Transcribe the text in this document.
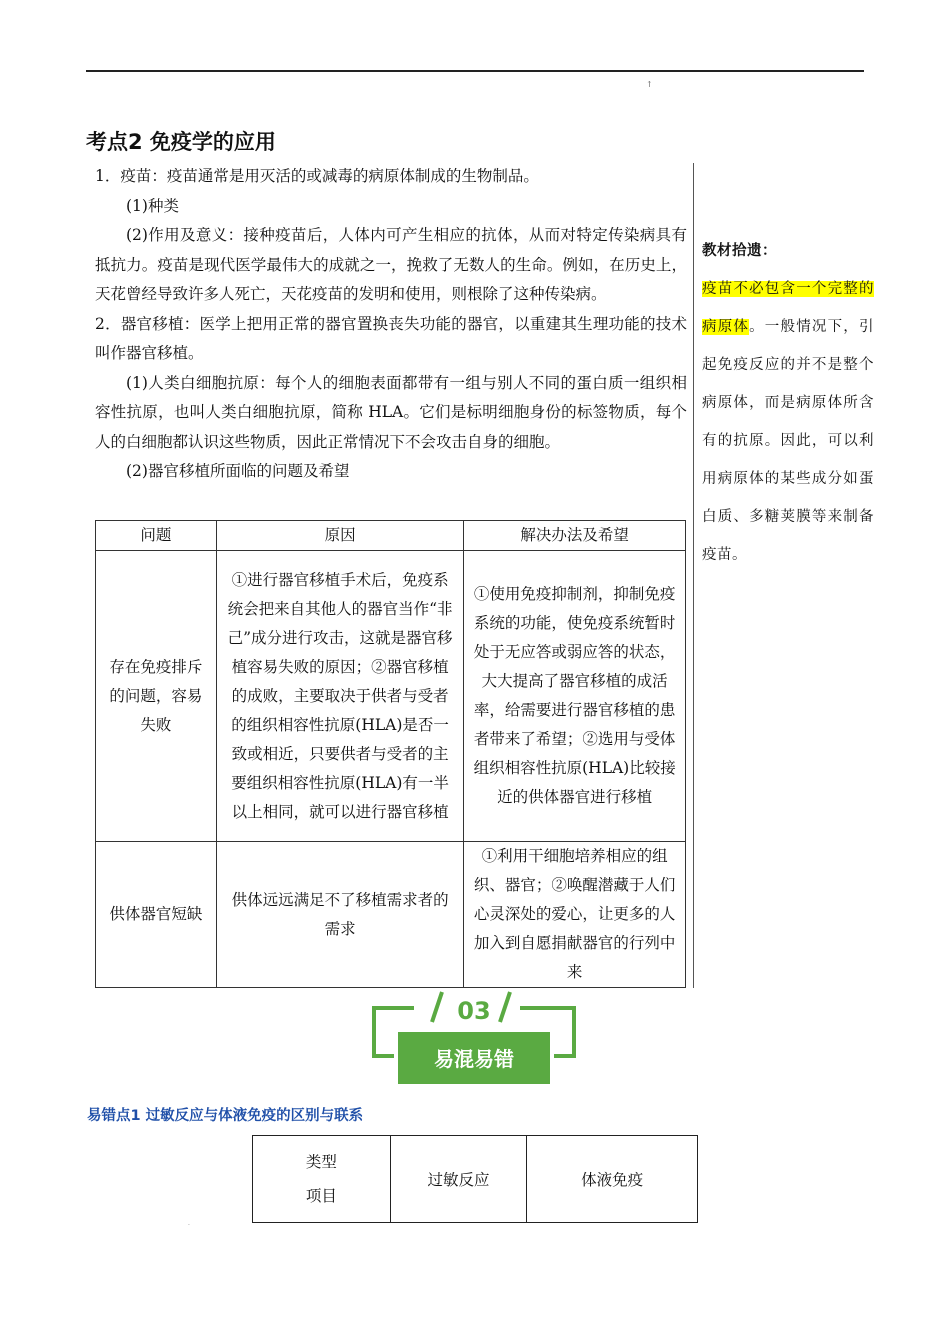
↑
考点2 免疫学的应用

1．疫苗：疫苗通常是用灭活的或减毒的病原体制成的生物制品。

(1)种类

(2)作用及意义：接种疫苗后，人体内可产生相应的抗体，从而对特定传染病具有抵抗力。疫苗是现代医学最伟大的成就之一，挽救了无数人的生命。例如，在历史上，天花曾经导致许多人死亡，天花疫苗的发明和使用，则根除了这种传染病。

2．器官移植：医学上把用正常的器官置换丧失功能的器官，以重建其生理功能的技术叫作器官移植。

(1)人类白细胞抗原：每个人的细胞表面都带有一组与别人不同的蛋白质一组织相容性抗原，也叫人类白细胞抗原，简称 HLA。它们是标明细胞身份的标签物质，每个人的白细胞都认识这些物质，因此正常情况下不会攻击自身的细胞。

(2)器官移植所面临的问题及希望

教材拾遗：
疫苗不必包含一个完整的病原体。一般情况下，引起免疫反应的并不是整个病原体，而是病原体所含有的抗原。因此，可以利用病原体的某些成分如蛋白质、多糖荚膜等来制备疫苗。
问题	原因	解决办法及希望
存在免疫排斥的问题，容易失败	①进行器官移植手术后，免疫系统会把来自其他人的器官当作“非己”成分进行攻击，这就是器官移植容易失败的原因；②器官移植的成败，主要取决于供者与受者的组织相容性抗原(HLA)是否一致或相近，只要供者与受者的主要组织相容性抗原(HLA)有一半以上相同，就可以进行器官移植	①使用免疫抑制剂，抑制免疫系统的功能，使免疫系统暂时处于无应答或弱应答的状态，大大提高了器官移植的成活率，给需要进行器官移植的患者带来了希望；②选用与受体组织相容性抗原(HLA)比较接近的供体器官进行移植
供体器官短缺	供体远远满足不了移植需求者的需求	①利用干细胞培养相应的组织、器官；②唤醒潜藏于人们心灵深处的爱心，让更多的人加入到自愿捐献器官的行列中来
03
易混易错
易错点1 过敏反应与体液免疫的区别与联系
类型
项目
	过敏反应	体液免疫
·
